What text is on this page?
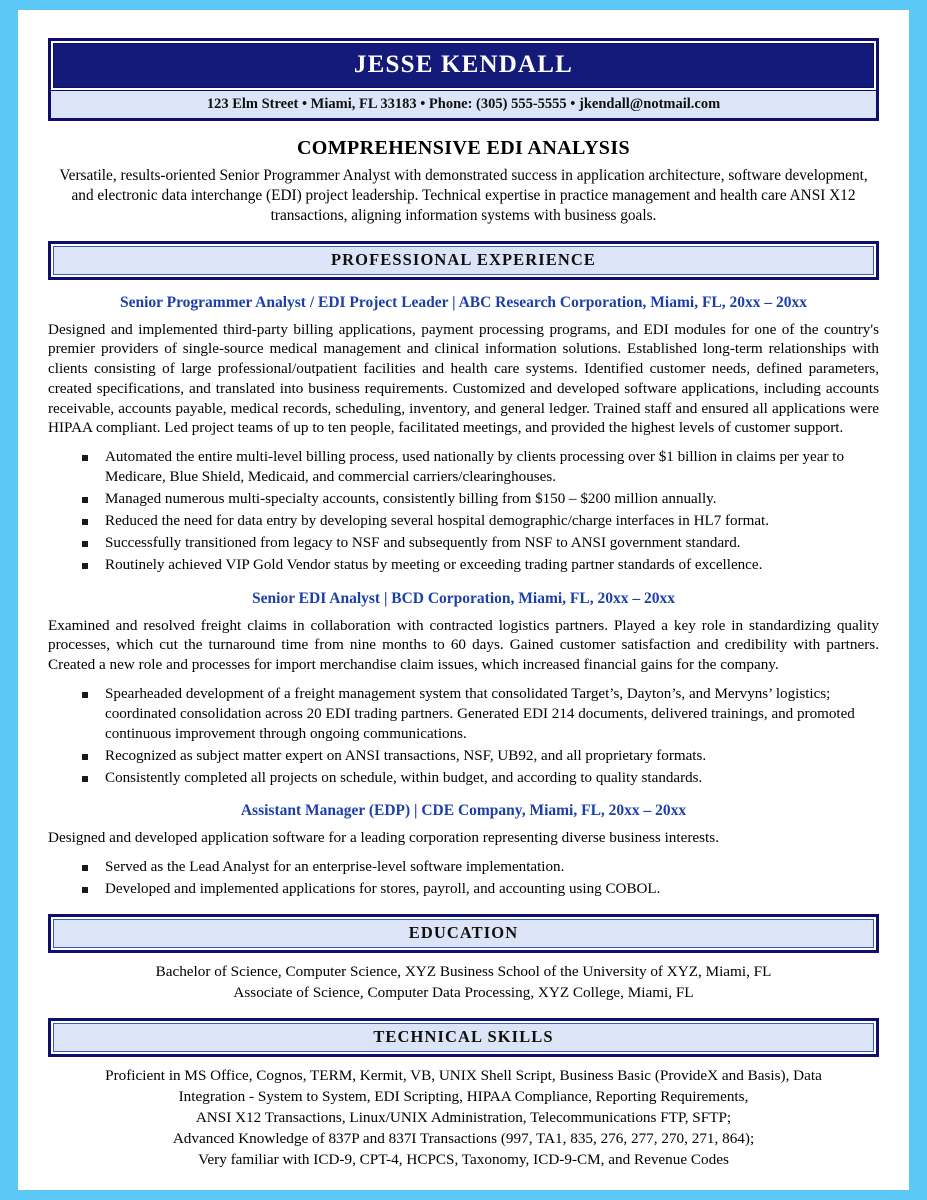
JESSE KENDALL
123 Elm Street • Miami, FL 33183 • Phone: (305) 555-5555 • jkendall@notmail.com
COMPREHENSIVE EDI ANALYSIS
Versatile, results-oriented Senior Programmer Analyst with demonstrated success in application architecture, software development, and electronic data interchange (EDI) project leadership. Technical expertise in practice management and health care ANSI X12 transactions, aligning information systems with business goals.
PROFESSIONAL EXPERIENCE
Senior Programmer Analyst / EDI Project Leader | ABC Research Corporation, Miami, FL, 20xx – 20xx
Designed and implemented third-party billing applications, payment processing programs, and EDI modules for one of the country's premier providers of single-source medical management and clinical information solutions. Established long-term relationships with clients consisting of large professional/outpatient facilities and health care systems. Identified customer needs, defined parameters, created specifications, and translated into business requirements. Customized and developed software applications, including accounts receivable, accounts payable, medical records, scheduling, inventory, and general ledger. Trained staff and ensured all applications were HIPAA compliant. Led project teams of up to ten people, facilitated meetings, and provided the highest levels of customer support.
Automated the entire multi-level billing process, used nationally by clients processing over $1 billion in claims per year to Medicare, Blue Shield, Medicaid, and commercial carriers/clearinghouses.
Managed numerous multi-specialty accounts, consistently billing from $150 – $200 million annually.
Reduced the need for data entry by developing several hospital demographic/charge interfaces in HL7 format.
Successfully transitioned from legacy to NSF and subsequently from NSF to ANSI government standard.
Routinely achieved VIP Gold Vendor status by meeting or exceeding trading partner standards of excellence.
Senior EDI Analyst | BCD Corporation, Miami, FL, 20xx – 20xx
Examined and resolved freight claims in collaboration with contracted logistics partners. Played a key role in standardizing quality processes, which cut the turnaround time from nine months to 60 days. Gained customer satisfaction and credibility with partners. Created a new role and processes for import merchandise claim issues, which increased financial gains for the company.
Spearheaded development of a freight management system that consolidated Target’s, Dayton’s, and Mervyns’ logistics; coordinated consolidation across 20 EDI trading partners. Generated EDI 214 documents, delivered trainings, and promoted continuous improvement through ongoing communications.
Recognized as subject matter expert on ANSI transactions, NSF, UB92, and all proprietary formats.
Consistently completed all projects on schedule, within budget, and according to quality standards.
Assistant Manager (EDP) | CDE Company, Miami, FL, 20xx – 20xx
Designed and developed application software for a leading corporation representing diverse business interests.
Served as the Lead Analyst for an enterprise-level software implementation.
Developed and implemented applications for stores, payroll, and accounting using COBOL.
EDUCATION
Bachelor of Science, Computer Science, XYZ Business School of the University of XYZ, Miami, FL
Associate of Science, Computer Data Processing, XYZ College, Miami, FL
TECHNICAL SKILLS
Proficient in MS Office, Cognos, TERM, Kermit, VB, UNIX Shell Script, Business Basic (ProvideX and Basis), Data
Integration - System to System, EDI Scripting, HIPAA Compliance, Reporting Requirements,
ANSI X12 Transactions, Linux/UNIX Administration, Telecommunications FTP, SFTP;
Advanced Knowledge of 837P and 837I Transactions (997, TA1, 835, 276, 277, 270, 271, 864);
Very familiar with ICD-9, CPT-4, HCPCS, Taxonomy, ICD-9-CM, and Revenue Codes
